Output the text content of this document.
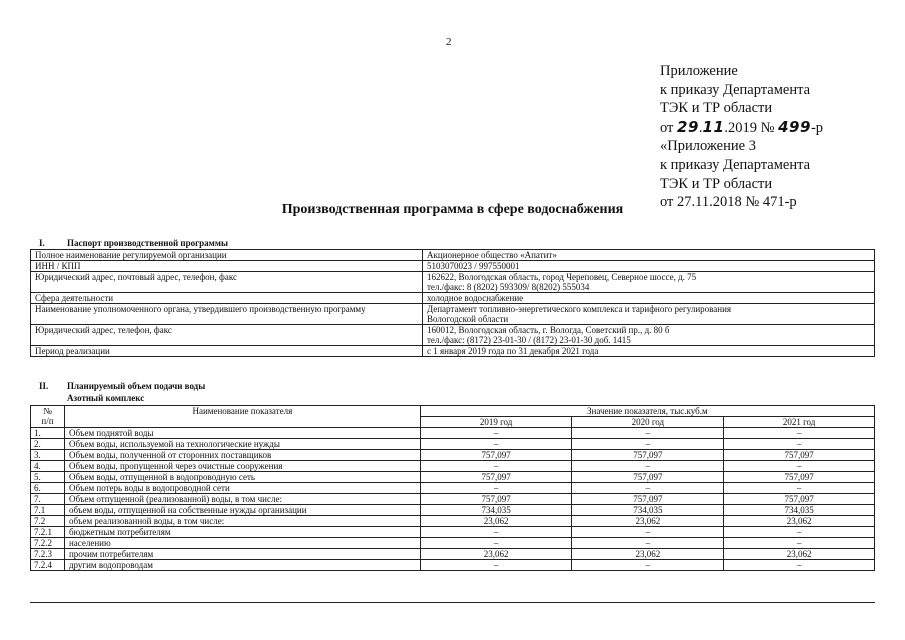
2
Приложение
к приказу Департамента
ТЭК и ТР области
от 29.11.2019 № 499-р
«Приложение 3
к приказу Департамента
ТЭК и ТР области
от 27.11.2018 № 471-р
Производственная программа в сфере водоснабжения
I. Паспорт производственной программы
Полное наименование регулируемой организации	Акционерное общество «Апатит»

ИНН / КПП	5103070023 / 997550001

Юридический адрес, почтовый адрес, телефон, факс	162622, Вологодская область, город Череповец, Северное шоссе, д. 75
тел./факс: 8 (8202) 593309/ 8(8202) 555034

Сфера деятельности	холодное водоснабжение

Наименование уполномоченного органа, утвердившего производственную программу	Департамент топливно-энергетического комплекса и тарифного регулирования
Вологодской области

Юридический адрес, телефон, факс	160012, Вологодская область, г. Вологда, Советский пр., д. 80 б
тел./факс: (8172) 23-01-30 / (8172) 23-01-30 доб. 1415

Период реализации	с 1 января 2019 года по 31 декабря 2021 года
II. Планируемый объем подачи воды
Азотный комплекс
№
п/п	Наименование показателя	Значение показателя, тыс.куб.м		
		2019 год	2020 год	2021 год
1.	Объем поднятой воды	–	–	–
2.	Объем воды, используемой на технологические нужды	–	–	–
3.	Объем воды, полученной от сторонних поставщиков	757,097	757,097	757,097
4.	Объем воды, пропущенной через очистные сооружения	–	–	–
5.	Объем воды, отпущенной в водопроводную сеть	757,097	757,097	757,097
6.	Объем потерь воды в водопроводной сети	–	–	–
7.	Объем отпущенной (реализованной) воды, в том числе:	757,097	757,097	757,097
7.1	объем воды, отпущенной на собственные нужды организации	734,035	734,035	734,035
7.2	объем реализованной воды, в том числе:	23,062	23,062	23,062
7.2.1	бюджетным потребителям	–	–	–
7.2.2	населению	–	–	–
7.2.3	прочим потребителям	23,062	23,062	23,062
7.2.4	другим водопроводам	–	–	–
